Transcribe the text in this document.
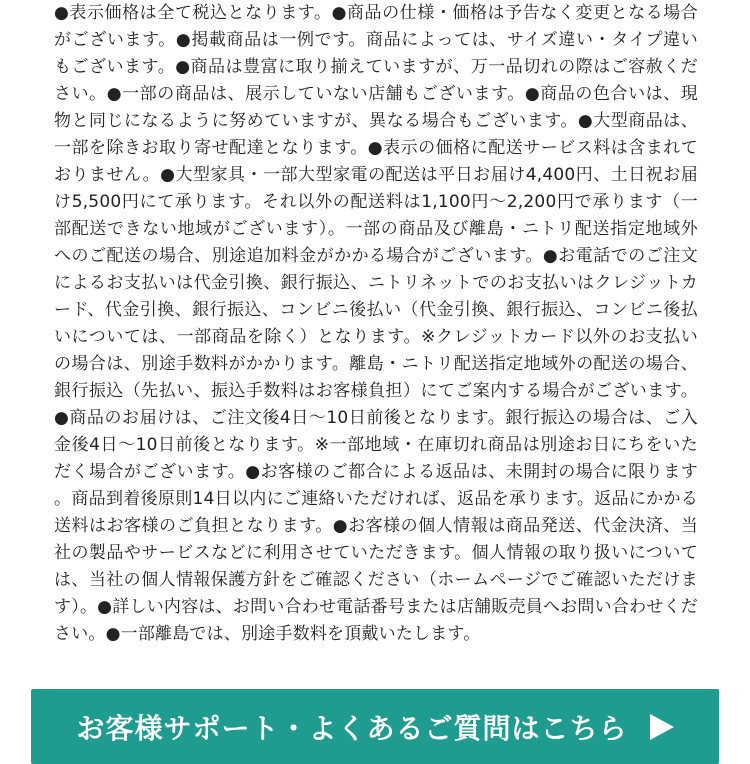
●表示価格は全て税込となります。●商品の仕様・価格は予告なく変更となる場合がございます。●掲載商品は一例です。商品によっては、サイズ違い・タイプ違いもございます。●商品は豊富に取り揃えていますが、万一品切れの際はご容赦ください。●一部の商品は、展示していない店舗もございます。●商品の色合いは、現物と同じになるように努めていますが、異なる場合もございます。●大型商品は、一部を除きお取り寄せ配達となります。●表示の価格に配送サービス料は含まれておりません。●大型家具・一部大型家電の配送は平日お届け4,400円、土日祝お届け5,500円にて承ります。それ以外の配送料は1,100円～2,200円で承ります（一部配送できない地域がございます）。一部の商品及び離島・ニトリ配送指定地域外へのご配送の場合、別途追加料金がかかる場合がございます。●お電話でのご注文によるお支払いは代金引換、銀行振込、ニトリネットでのお支払いはクレジットカード、代金引換、銀行振込、コンビニ後払い（代金引換、銀行振込、コンビニ後払いについては、一部商品を除く）となります。※クレジットカード以外のお支払いの場合は、別途手数料がかかります。離島・ニトリ配送指定地域外の配送の場合、銀行振込（先払い、振込手数料はお客様負担）にてご案内する場合がございます。●商品のお届けは、ご注文後4日～10日前後となります。銀行振込の場合は、ご入金後4日～10日前後となります。※一部地域・在庫切れ商品は別途お日にちをいただく場合がございます。●お客様のご都合による返品は、未開封の場合に限ります。商品到着後原則14日以内にご連絡いただければ、返品を承ります。返品にかかる送料はお客様のご負担となります。●お客様の個人情報は商品発送、代金決済、当社の製品やサービスなどに利用させていただきます。個人情報の取り扱いについては、当社の個人情報保護方針をご確認ください（ホームページでご確認いただけます）。●詳しい内容は、お問い合わせ電話番号または店舗販売員へお問い合わせください。●一部離島では、別途手数料を頂戴いたします。

お客様サポート・よくあるご質問はこちら
